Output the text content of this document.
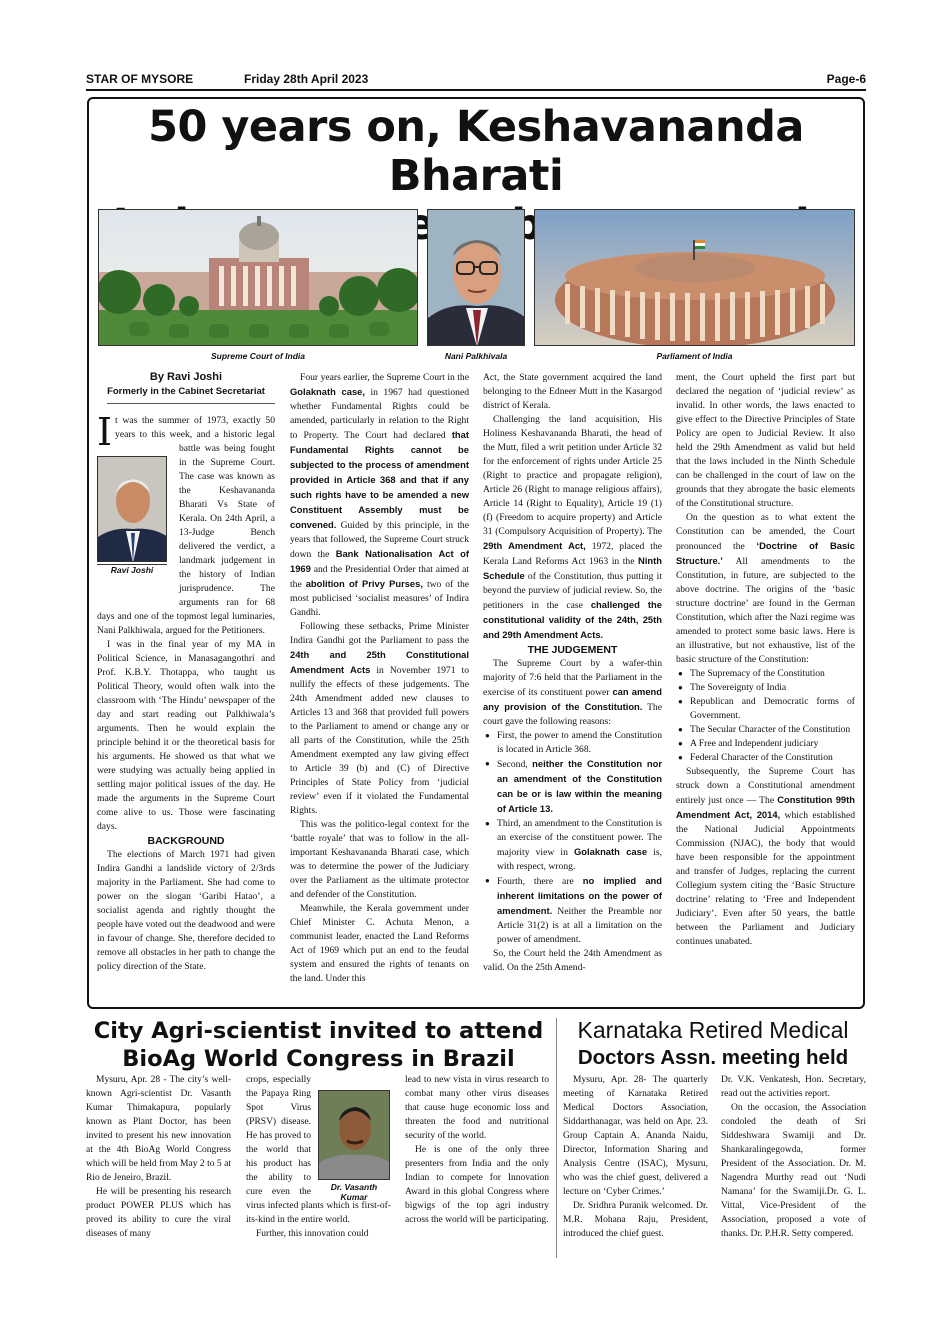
STAR OF MYSORE	Friday 28th April 2023	Page-6
50 years on, Keshavananda Bharati
Supreme Court of India	Nani Palkhivala	Parliament of India
By Ravi Joshi
Formerly in the Cabinet Secretariat
Ravi Joshi

I t was the summer of 1973, exactly 50 years to this week, and a historic legal battle was being fought in the Supreme Court. The case was known as the Keshavananda Bharati Vs State of Kerala. On 24th April, a 13-Judge Bench delivered the verdict, a landmark judgement in the history of Indian jurisprudence. The arguments ran for 68 days and one of the topmost legal luminaries, Nani Palkhiwala, argued for the Petitioners.

I was in the final year of my MA in Political Science, in Manasagangothri and Prof. K.B.Y. Thotappa, who taught us Political Theory, would often walk into the classroom with ‘The Hindu’ newspaper of the day and start reading out Palkhiwala’s arguments. Then he would explain the principle behind it or the theoretical basis for his arguments. He showed us that what we were studying was actually being applied in settling major political issues of the day. He made the arguments in the Supreme Court come alive to us. Those were fascinating days.

BACKGROUND

The elections of March 1971 had given Indira Gandhi a landslide victory of 2/3rds majority in the Parliament. She had come to power on the slogan ‘Garibi Hatao’, a socialist agenda and rightly thought the people have voted out the deadwood and were in favour of change. She, therefore decided to remove all obstacles in her path to change the policy direction of the State.

Four years earlier, the Supreme Court in the Golaknath case, in 1967 had questioned whether Fundamental Rights could be amended, particularly in relation to the Right to Property. The Court had declared that Fundamental Rights cannot be subjected to the process of amendment provided in Article 368 and that if any such rights have to be amended a new Constituent Assembly must be convened. Guided by this principle, in the years that followed, the Supreme Court struck down the Bank Nationalisation Act of 1969 and the Presidential Order that aimed at the abolition of Privy Purses, two of the most publicised ‘socialist measures’ of Indira Gandhi.

Following these setbacks, Prime Minister Indira Gandhi got the Parliament to pass the 24th and 25th Constitutional Amendment Acts in November 1971 to nullify the effects of these judgements. The 24th Amendment added new clauses to Articles 13 and 368 that provided full powers to the Parliament to amend or change any or all parts of the Constitution, while the 25th Amendment exempted any law giving effect to Article 39 (b) and (C) of Directive Principles of State Policy from ‘judicial review’ even if it violated the Fundamental Rights.

This was the politico-legal context for the ‘battle royale’ that was to follow in the all-important Keshavananda Bharati case, which was to determine the power of the Judiciary over the Parliament as the ultimate protector and defender of the Constitution.

Meanwhile, the Kerala government under Chief Minister C. Achuta Menon, a communist leader, enacted the Land Reforms Act of 1969 which put an end to the feudal system and ensured the rights of tenants on the land. Under this

Act, the State government acquired the land belonging to the Edneer Mutt in the Kasargod district of Kerala.

Challenging the land acquisition, His Holiness Keshavananda Bharati, the head of the Mutt, filed a writ petition under Article 32 for the enforcement of rights under Article 25 (Right to practice and propagate religion), Article 26 (Right to manage religious affairs), Article 14 (Right to Equality), Article 19 (1)(f) (Freedom to acquire property) and Article 31 (Compulsory Acquisition of Property). The 29th Amendment Act, 1972, placed the Kerala Land Reforms Act 1963 in the Ninth Schedule of the Constitution, thus putting it beyond the purview of judicial review. So, the petitioners in the case challenged the constitutional validity of the 24th, 25th and 29th Amendment Acts.

THE JUDGEMENT

The Supreme Court by a wafer-thin majority of 7:6 held that the Parliament in the exercise of its constituent power can amend any provision of the Constitution. The court gave the following reasons:

● First, the power to amend the Constitution is located in Article 368.
● Second, neither the Constitution nor an amendment of the Constitution can be or is law within the meaning of Article 13.
● Third, an amendment to the Constitution is an exercise of the constituent power. The majority view in Golaknath case is, with respect, wrong.
● Fourth, there are no implied and inherent limitations on the power of amendment. Neither the Preamble nor Article 31(2) is at all a limitation on the power of amendment.

So, the Court held the 24th Amendment as valid. On the 25th Amend-

ment, the Court upheld the first part but declared the negation of ‘judicial review’ as invalid. In other words, the laws enacted to give effect to the Directive Principles of State Policy are open to Judicial Review. It also held the 29th Amendment as valid but held that the laws included in the Ninth Schedule can be challenged in the court of law on the grounds that they abrogate the basic elements of the Constitutional structure.

On the question as to what extent the Constitution can be amended, the Court pronounced the ‘Doctrine of Basic Structure.’ All amendments to the Constitution, in future, are subjected to the above doctrine. The origins of the ‘basic structure doctrine’ are found in the German Constitution, which after the Nazi regime was amended to protect some basic laws. Here is an illustrative, but not exhaustive, list of the basic structure of the Constitution:

● The Supremacy of the Constitution
● The Sovereignty of India
● Republican and Democratic forms of Government.
● The Secular Character of the Constitution
● A Free and Independent judiciary
● Federal Character of the Constitution

Subsequently, the Supreme Court has struck down a Constitutional amendment entirely just once — The Constitution 99th Amendment Act, 2014, which established the National Judicial Appointments Commission (NJAC), the body that would have been responsible for the appointment and transfer of Judges, replacing the current Collegium system citing the ‘Basic Structure doctrine’ relating to ‘Free and Independent Judiciary’. Even after 50 years, the battle between the Parliament and Judiciary continues unabated.

City Agri-scientist invited to attend
BioAg World Congress in Brazil
Dr. Vasanth Kumar

Mysuru, Apr. 28 - The city’s well-known Agri-scientist Dr. Vasanth Kumar Thimakapura, popularly known as Plant Doctor, has been invited to present his new innovation at the 4th BioAg World Congress which will be held from May 2 to 5 at Rio de Jeneiro, Brazil.

He will be presenting his research product POWER PLUS which has proved its ability to cure the viral diseases of many

crops, especially the Papaya Ring Spot Virus (PRSV) disease. He has proved to the world that his product has the ability to cure even the virus infected plants which is first-of-its-kind in the entire world.

Further, this innovation could

lead to new vista in virus research to combat many other virus diseases that cause huge economic loss and threaten the food and nutritional security of the world.

He is one of the only three presenters from India and the only Indian to compete for Innovation Award in this global Congress where bigwigs of the top agri industry across the world will be participating.

Karnataka Retired Medical
Doctors Assn. meeting held

Mysuru, Apr. 28- The quarterly meeting of Karnataka Retired Medical Doctors Association, Siddarthanagar, was held on Apr. 23. Group Captain A. Ananda Naidu, Director, Information Sharing and Analysis Centre (ISAC), Mysuru, who was the chief guest, delivered a lecture on ‘Cyber Crimes.’

Dr. Sridhra Puranik welcomed. Dr. M.R. Mohana Raju, President, introduced the chief guest.

Dr. V.K. Venkatesh, Hon. Secretary, read out the activities report.

On the occasion, the Association condoled the death of Sri Siddeshwara Swamiji and Dr. Shankaralingegowda, former President of the Association. Dr. M. Nagendra Murthy read out ‘Nudi Namana’ for the Swamiji.Dr. G. L. Vittal, Vice-President of the Association, proposed a vote of thanks. Dr. P.H.R. Setty compered.
